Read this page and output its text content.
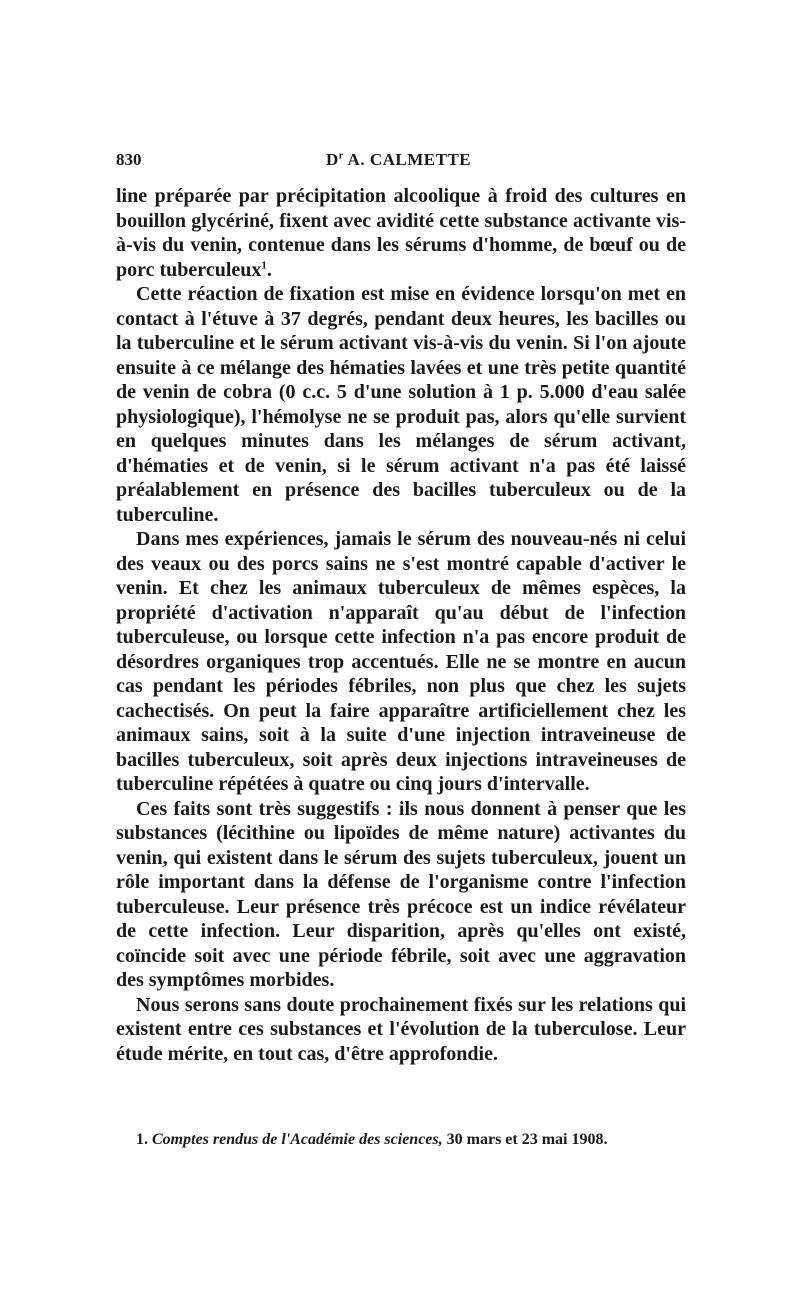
830	$D^r$ A. CALMETTE

line préparée par précipitation alcoolique à froid des cultures en bouillon glycériné, fixent avec avidité cette substance activante vis-à-vis du venin, contenue dans les sérums d'homme, de bœuf ou de porc tuberculeux$^1$.

Cette réaction de fixation est mise en évidence lorsqu'on met en contact à l'étuve à 37 degrés, pendant deux heures, les bacilles ou la tuberculine et le sérum activant vis-à-vis du venin. Si l'on ajoute ensuite à ce mélange des hématies lavées et une très petite quantité de venin de cobra (0 c.c. 5 d'une solution à 1 p. 5.000 d'eau salée physiologique), l'hémolyse ne se produit pas, alors qu'elle survient en quelques minutes dans les mélanges de sérum activant, d'hématies et de venin, si le sérum activant n'a pas été laissé préalablement en présence des bacilles tuberculeux ou de la tuberculine.

Dans mes expériences, jamais le sérum des nouveau-nés ni celui des veaux ou des porcs sains ne s'est montré capable d'activer le venin. Et chez les animaux tuberculeux de mêmes espèces, la propriété d'activation n'apparaît qu'au début de l'infection tuberculeuse, ou lorsque cette infection n'a pas encore produit de désordres organiques trop accentués. Elle ne se montre en aucun cas pendant les périodes fébriles, non plus que chez les sujets cachectisés. On peut la faire apparaître artificiellement chez les animaux sains, soit à la suite d'une injection intraveineuse de bacilles tuberculeux, soit après deux injections intraveineuses de tuberculine répétées à quatre ou cinq jours d'intervalle.

Ces faits sont très suggestifs : ils nous donnent à penser que les substances (lécithine ou lipoïdes de même nature) activantes du venin, qui existent dans le sérum des sujets tuberculeux, jouent un rôle important dans la défense de l'organisme contre l'infection tuberculeuse. Leur présence très précoce est un indice révélateur de cette infection. Leur disparition, après qu'elles ont existé, coïncide soit avec une période fébrile, soit avec une aggravation des symptômes morbides.

Nous serons sans doute prochainement fixés sur les relations qui existent entre ces substances et l'évolution de la tuberculose. Leur étude mérite, en tout cas, d'être approfondie.

1. Comptes rendus de l'Académie des sciences, 30 mars et 23 mai 1908.
